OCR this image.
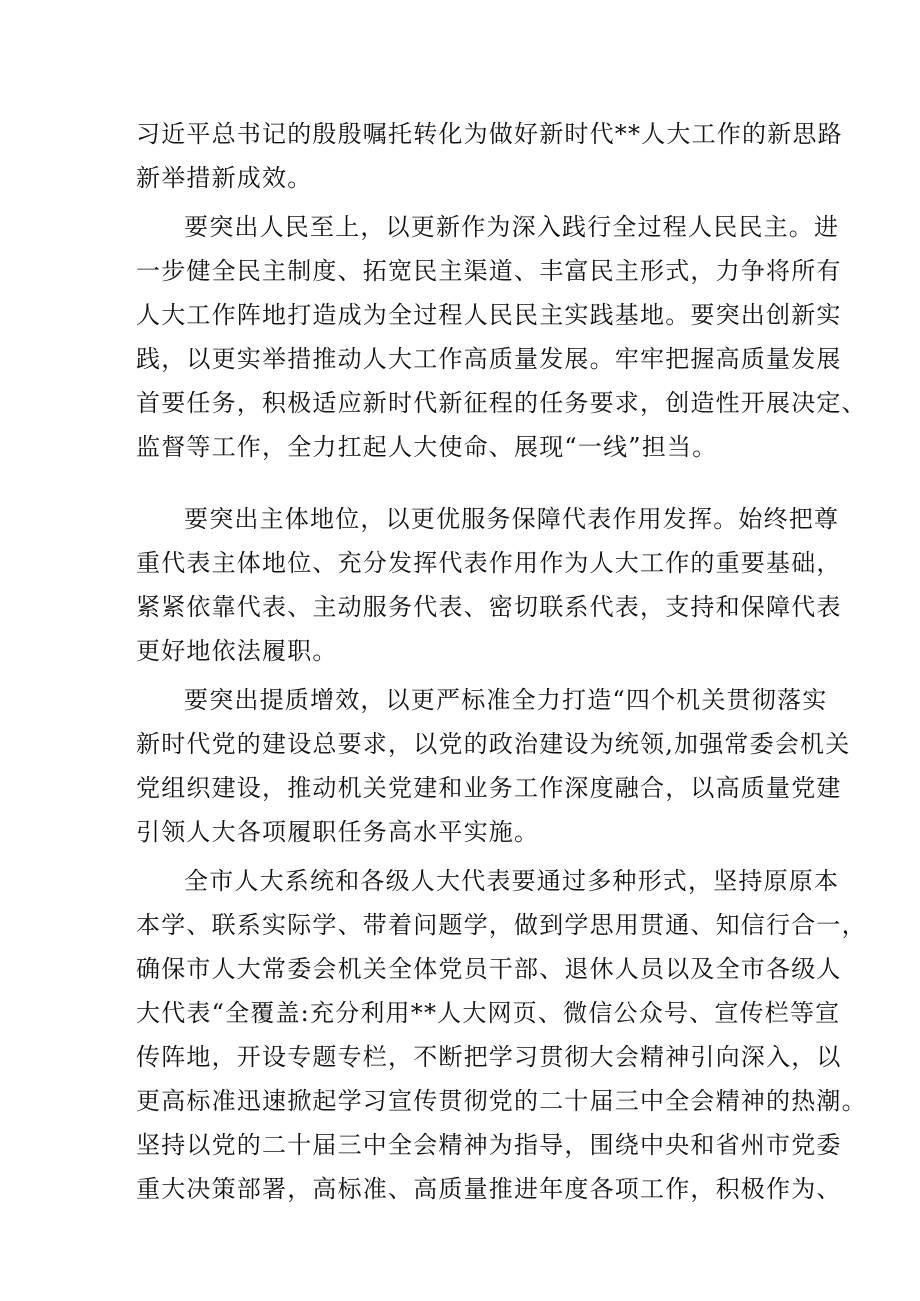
习近平总书记的殷殷嘱托转化为做好新时代**人大工作的新思路
新举措新成效。
要突出人民至上，以更新作为深入践行全过程人民民主。进
一步健全民主制度、拓宽民主渠道、丰富民主形式，力争将所有
人大工作阵地打造成为全过程人民民主实践基地。要突出创新实
践，以更实举措推动人大工作高质量发展。牢牢把握高质量发展
首要任务，积极适应新时代新征程的任务要求，创造性开展决定、
监督等工作，全力扛起人大使命、展现“一线”担当。
要突出主体地位，以更优服务保障代表作用发挥。始终把尊
重代表主体地位、充分发挥代表作用作为人大工作的重要基础，
紧紧依靠代表、主动服务代表、密切联系代表，支持和保障代表
更好地依法履职。
要突出提质增效，以更严标准全力打造“四个机关贯彻落实
新时代党的建设总要求，以党的政治建设为统领,加强常委会机关
党组织建设，推动机关党建和业务工作深度融合，以高质量党建
引领人大各项履职任务高水平实施。
全市人大系统和各级人大代表要通过多种形式，坚持原原本
本学、联系实际学、带着问题学，做到学思用贯通、知信行合一，
确保市人大常委会机关全体党员干部、退休人员以及全市各级人
大代表“全覆盖:充分利用**人大网页、微信公众号、宣传栏等宣
传阵地，开设专题专栏，不断把学习贯彻大会精神引向深入，以
更高标准迅速掀起学习宣传贯彻党的二十届三中全会精神的热潮。
坚持以党的二十届三中全会精神为指导，围绕中央和省州市党委
重大决策部署，高标准、高质量推进年度各项工作，积极作为、
